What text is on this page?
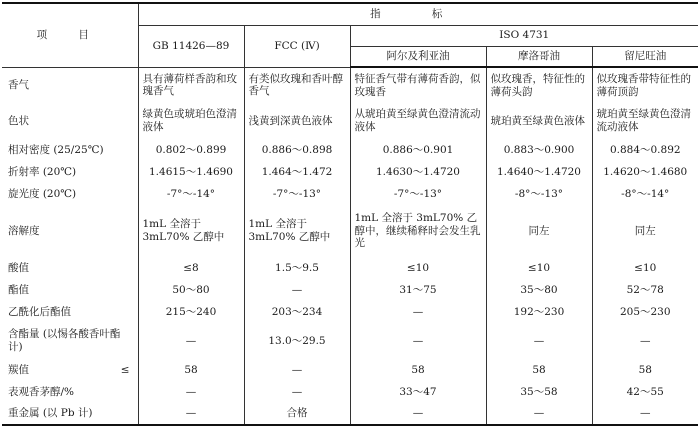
项 目	指 标				
	GB 11426—89	FCC (Ⅳ)	ISO 4731		
			阿尔及利亚油	摩洛哥油	留尼旺油
香气	具有薄荷样香韵和玫瑰香气	有类似玫瑰和香叶醇香气	特征香气带有薄荷香韵，似玫瑰香	似玫瑰香，特征性的薄荷头韵	似玫瑰香带特征性的薄荷顶韵
色状	绿黄色或琥珀色澄清液体	浅黄到深黄色液体	从琥珀黄至绿黄色澄清流动液体	琥珀黄至绿黄色液体	琥珀黄至绿黄色澄清流动液体
相对密度 (25/25℃)	0.802～0.899	0.886～0.898	0.886～0.901	0.883～0.900	0.884～0.892
折射率 (20℃)	1.4615～1.4690	1.464～1.472	1.4630～1.4720	1.4640～1.4720	1.4620～1.4680
旋光度 (20℃)	-7°～-14°	-7°～-13°	-7°～-13°	-8°～-13°	-8°～-14°
溶解度	1mL 全溶于 3mL70% 乙醇中	1mL 全溶于 3mL70% 乙醇中	1mL 全溶于 3mL70% 乙醇中，继续稀释时会发生乳光	同左	同左
酸值	≤8	1.5～9.5	≤10	≤10	≤10
酯值	50～80	—	31～75	35～80	52～78
乙酰化后酯值	215～240	203～234	—	192～230	205～230
含酯量 (以惕各酸香叶酯计)	—	13.0～29.5	—	—	—
羰值 ≤	58	—	58	58	58
表观香茅醇/%	—	—	33～47	35～58	42～55
重金属 (以 Pb 计)	—	合格	—	—	—
